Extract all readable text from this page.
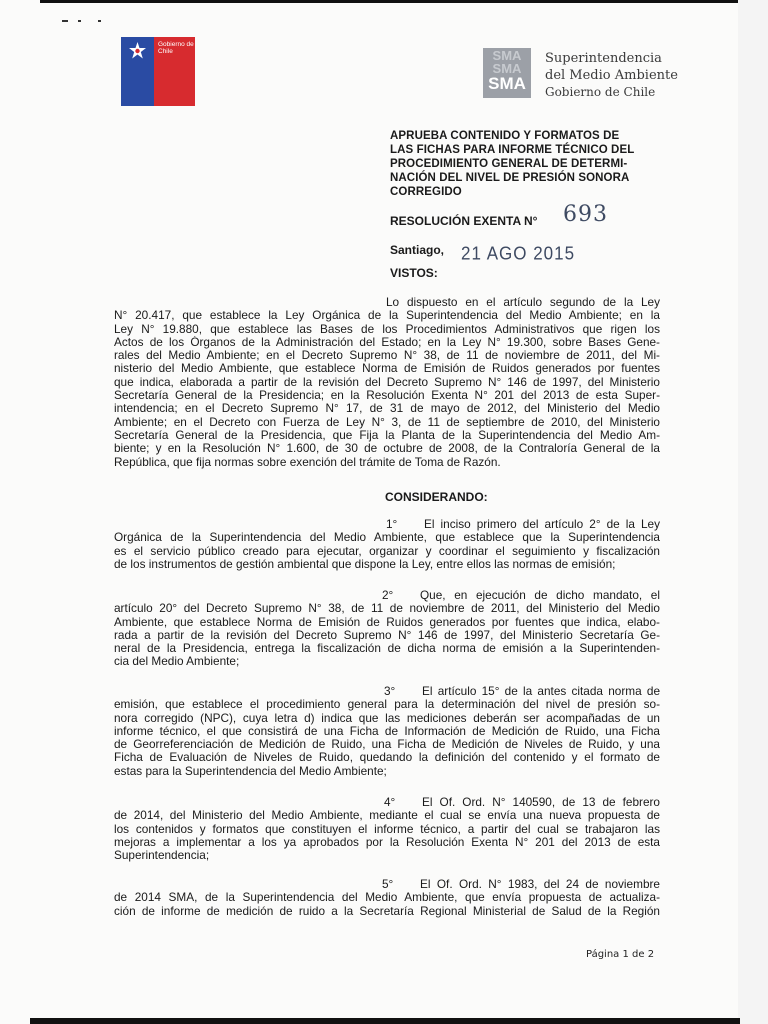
Gobierno de Chile	SMA
SMA
SMA
Superintendencia
del Medio Ambiente
Gobierno de Chile
APRUEBA CONTENIDO Y FORMATOS DE
LAS FICHAS PARA INFORME TÉCNICO DEL
PROCEDIMIENTO GENERAL DE DETERMI-
NACIÓN DEL NIVEL DE PRESIÓN SONORA
CORREGIDO
RESOLUCIÓN EXENTA N° 693
Santiago, 21 AGO 2015
VISTOS:
Lo dispuesto en el artículo segundo de la Ley
N° 20.417, que establece la Ley Orgánica de la Superintendencia del Medio Ambiente; en la
Ley N° 19.880, que establece las Bases de los Procedimientos Administrativos que rigen los
Actos de los Órganos de la Administración del Estado; en la Ley N° 19.300, sobre Bases Gene-
rales del Medio Ambiente; en el Decreto Supremo N° 38, de 11 de noviembre de 2011, del Mi-
nisterio del Medio Ambiente, que establece Norma de Emisión de Ruidos generados por fuentes
que indica, elaborada a partir de la revisión del Decreto Supremo N° 146 de 1997, del Ministerio
Secretaría General de la Presidencia; en la Resolución Exenta N° 201 del 2013 de esta Super-
intendencia; en el Decreto Supremo N° 17, de 31 de mayo de 2012, del Ministerio del Medio
Ambiente; en el Decreto con Fuerza de Ley N° 3, de 11 de septiembre de 2010, del Ministerio
Secretaría General de la Presidencia, que Fija la Planta de la Superintendencia del Medio Am-
biente; y en la Resolución N° 1.600, de 30 de octubre de 2008, de la Contraloría General de la
República, que fija normas sobre exención del trámite de Toma de Razón.
CONSIDERANDO:
1° El inciso primero del artículo 2° de la Ley
Orgánica de la Superintendencia del Medio Ambiente, que establece que la Superintendencia
es el servicio público creado para ejecutar, organizar y coordinar el seguimiento y fiscalización
de los instrumentos de gestión ambiental que dispone la Ley, entre ellos las normas de emisión;
2° Que, en ejecución de dicho mandato, el
artículo 20° del Decreto Supremo N° 38, de 11 de noviembre de 2011, del Ministerio del Medio
Ambiente, que establece Norma de Emisión de Ruidos generados por fuentes que indica, elabo-
rada a partir de la revisión del Decreto Supremo N° 146 de 1997, del Ministerio Secretaría Ge-
neral de la Presidencia, entrega la fiscalización de dicha norma de emisión a la Superintenden-
cia del Medio Ambiente;
3° El artículo 15° de la antes citada norma de
emisión, que establece el procedimiento general para la determinación del nivel de presión so-
nora corregido (NPC), cuya letra d) indica que las mediciones deberán ser acompañadas de un
informe técnico, el que consistirá de una Ficha de Información de Medición de Ruido, una Ficha
de Georreferenciación de Medición de Ruido, una Ficha de Medición de Niveles de Ruido, y una
Ficha de Evaluación de Niveles de Ruido, quedando la definición del contenido y el formato de
estas para la Superintendencia del Medio Ambiente;
4° El Of. Ord. N° 140590, de 13 de febrero
de 2014, del Ministerio del Medio Ambiente, mediante el cual se envía una nueva propuesta de
los contenidos y formatos que constituyen el informe técnico, a partir del cual se trabajaron las
mejoras a implementar a los ya aprobados por la Resolución Exenta N° 201 del 2013 de esta
Superintendencia;
5° El Of. Ord. N° 1983, del 24 de noviembre
de 2014 SMA, de la Superintendencia del Medio Ambiente, que envía propuesta de actualiza-
ción de informe de medición de ruido a la Secretaría Regional Ministerial de Salud de la Región
Página 1 de 2
